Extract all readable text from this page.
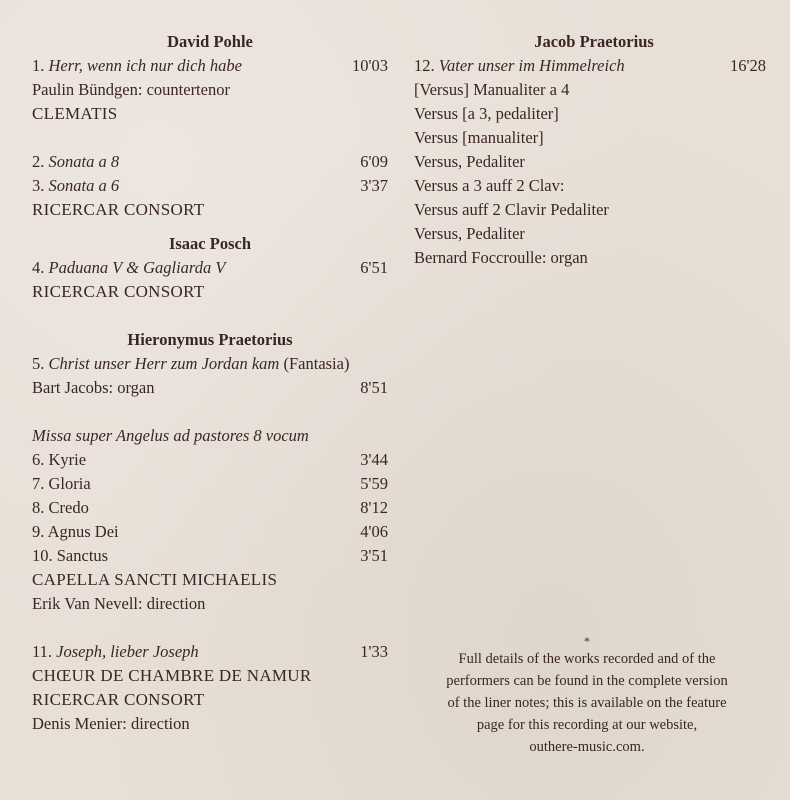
David Pohle
1. Herr, wenn ich nur dich habe	10'03
Paulin Bündgen: countertenor
CLEMATIS
2. Sonata a 8	6'09
3. Sonata a 6	3'37
RICERCAR CONSORT
Isaac Posch
4. Paduana V & Gagliarda V	6'51
RICERCAR CONSORT
Hieronymus Praetorius
5. Christ unser Herr zum Jordan kam (Fantasia)
Bart Jacobs: organ	8'51
Missa super Angelus ad pastores 8 vocum
6. Kyrie	3'44
7. Gloria	5'59
8. Credo	8'12
9. Agnus Dei	4'06
10. Sanctus	3'51
CAPELLA SANCTI MICHAELIS
Erik Van Nevell: direction
11. Joseph, lieber Joseph	1'33
CHŒUR DE CHAMBRE DE NAMUR
RICERCAR CONSORT
Denis Menier: direction
Jacob Praetorius
12. Vater unser im Himmelreich	16'28
[Versus] Manualiter a 4
Versus [a 3, pedaliter]
Versus [manualiter]
Versus, Pedaliter
Versus a 3 auff 2 Clav:
Versus auff 2 Clavir Pedaliter
Versus, Pedaliter
Bernard Foccroulle: organ
*
Full details of the works recorded and of the
performers can be found in the complete version
of the liner notes; this is available on the feature
page for this recording at our website,
outhere-music.com.
